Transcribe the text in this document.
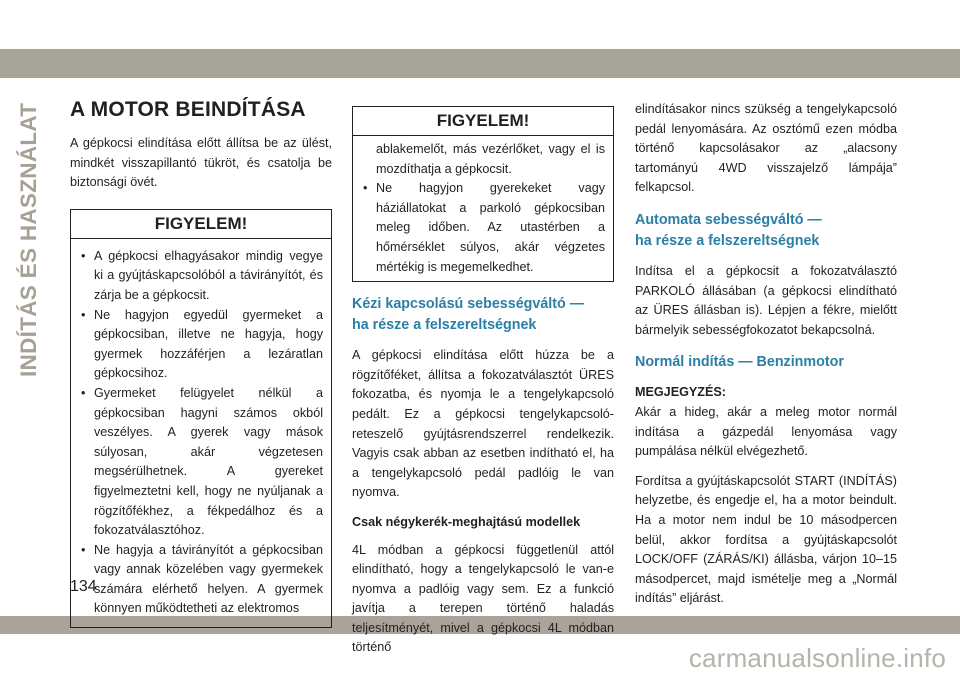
INDÍTÁS ÉS HASZNÁLAT A MOTOR BEINDÍTÁSA

A gépkocsi elindítása előtt állítsa be az ülést, mindkét visszapillantó tükröt, és csatolja be biztonsági övét.

FIGYELEM!
• A gépkocsi elhagyásakor mindig vegye ki a gyújtáskapcsolóból a távirányítót, és zárja be a gépkocsit.
• Ne hagyjon egyedül gyermeket a gépkocsiban, illetve ne hagyja, hogy gyermek hozzáférjen a lezáratlan gépkocsihoz.
• Gyermeket felügyelet nélkül a gépkocsiban hagyni számos okból veszélyes. A gyerek vagy mások súlyosan, akár végzetesen megsérülhetnek. A gyereket figyelmeztetni kell, hogy ne nyúljanak a rögzítőfékhez, a fékpedálhoz és a fokozatválasztóhoz.
• Ne hagyja a távirányítót a gépkocsiban vagy annak közelében vagy gyermekek számára elérhető helyen. A gyermek könnyen működtetheti az elektromos
FIGYELEM!
ablakemelőt, más vezérlőket, vagy el is mozdíthatja a gépkocsit.
• Ne hagyjon gyerekeket vagy háziállatokat a parkoló gépkocsiban meleg időben. Az utastérben a hőmérséklet súlyos, akár végzetes mértékig is megemelkedhet.
Kézi kapcsolású sebességváltó —
ha része a felszereltségnek

A gépkocsi elindítása előtt húzza be a rögzítőféket, állítsa a fokozatválasztót ÜRES fokozatba, és nyomja le a tengelykapcsoló pedált. Ez a gépkocsi tengelykapcsoló-reteszelő gyújtásrendszerrel rendelkezik. Vagyis csak abban az esetben indítható el, ha a tengelykapcsoló pedál padlóig le van nyomva.

Csak négykerék-meghajtású modellek

4L módban a gépkocsi függetlenül attól elindítható, hogy a tengelykapcsoló le van-e nyomva a padlóig vagy sem. Ez a funkció javítja a terepen történő haladás teljesítményét, mivel a gépkocsi 4L módban történő

elindításakor nincs szükség a tengelykapcsoló pedál lenyomására. Az osztómű ezen módba történő kapcsolásakor az „alacsony tartományú 4WD visszajelző lámpája” felkapcsol.

Automata sebességváltó —
ha része a felszereltségnek

Indítsa el a gépkocsit a fokozatválasztó PARKOLÓ állásában (a gépkocsi elindítható az ÜRES állásban is). Lépjen a fékre, mielőtt bármelyik sebességfokozatot bekapcsolná.

Normál indítás — Benzinmotor

MEGJEGYZÉS:
Akár a hideg, akár a meleg motor normál indítása a gázpedál lenyomása vagy pumpálása nélkül elvégezhető.

Fordítsa a gyújtáskapcsolót START (INDÍTÁS) helyzetbe, és engedje el, ha a motor beindult. Ha a motor nem indul be 10 másodpercen belül, akkor fordítsa a gyújtáskapcsolót LOCK/OFF (ZÁRÁS/KI) állásba, várjon 10–15 másodpercet, majd ismételje meg a „Normál indítás” eljárást.

134
carmanualsonline.info
